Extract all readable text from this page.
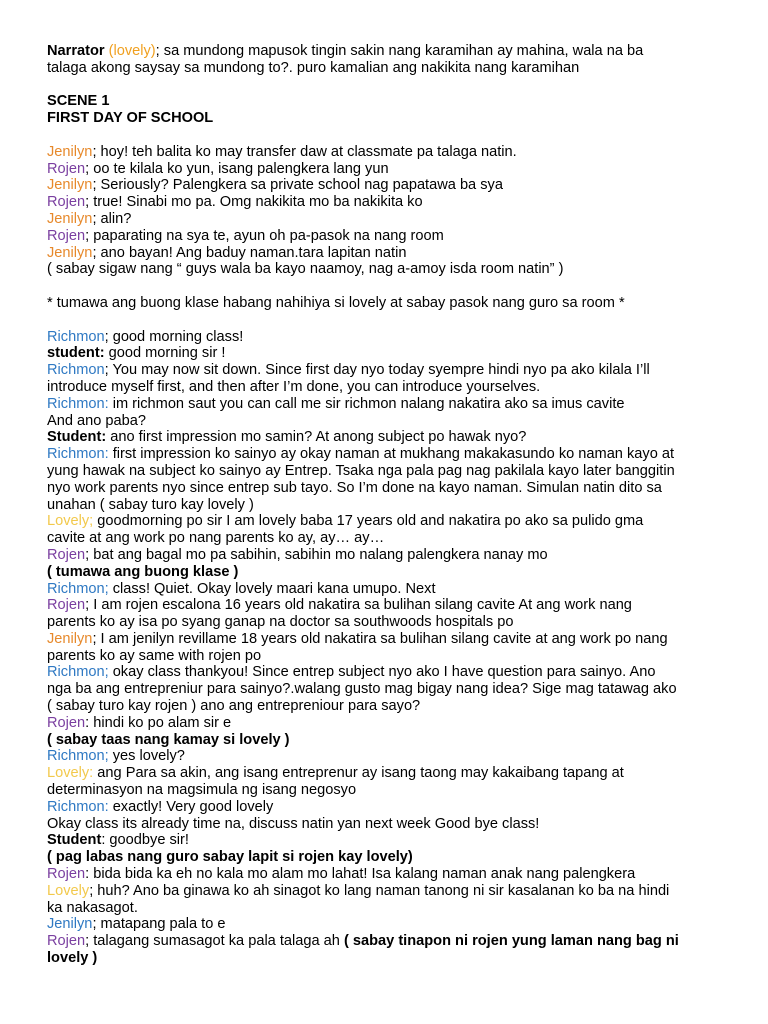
Narrator (lovely); sa mundong mapusok tingin sakin nang karamihan ay mahina, wala na ba
talaga akong saysay sa mundong to?. puro kamalian ang nakikita nang karamihan
SCENE 1
FIRST DAY OF SCHOOL
Jenilyn; hoy! teh balita ko may transfer daw at classmate pa talaga natin.
Rojen; oo te kilala ko yun, isang palengkera lang yun
Jenilyn; Seriously? Palengkera sa private school nag papatawa ba sya
Rojen; true! Sinabi mo pa. Omg nakikita mo ba nakikita ko
Jenilyn; alin?
Rojen; paparating na sya te, ayun oh pa-pasok na nang room
Jenilyn; ano bayan! Ang baduy naman.tara lapitan natin
( sabay sigaw nang “ guys wala ba kayo naamoy, nag a-amoy isda room natin” )
* tumawa ang buong klase habang nahihiya si lovely at sabay pasok nang guro sa room *
Richmon; good morning class!
student: good morning sir !
Richmon; You may now sit down. Since first day nyo today syempre hindi nyo pa ako kilala I’ll
introduce myself first, and then after I’m done, you can introduce yourselves.
Richmon: im richmon saut you can call me sir richmon nalang nakatira ako sa imus cavite
And ano paba?
Student: ano first impression mo samin? At anong subject po hawak nyo?
Richmon: first impression ko sainyo ay okay naman at mukhang makakasundo ko naman kayo at
yung hawak na subject ko sainyo ay Entrep. Tsaka nga pala pag nag pakilala kayo later banggitin
nyo work parents nyo since entrep sub tayo. So I’m done na kayo naman. Simulan natin dito sa
unahan ( sabay turo kay lovely )
Lovely; goodmorning po sir I am lovely baba 17 years old and nakatira po ako sa pulido gma
cavite at ang work po nang parents ko ay, ay… ay…
Rojen; bat ang bagal mo pa sabihin, sabihin mo nalang palengkera nanay mo
( tumawa ang buong klase )
Richmon; class! Quiet. Okay lovely maari kana umupo. Next
Rojen; I am rojen escalona 16 years old nakatira sa bulihan silang cavite At ang work nang
parents ko ay isa po syang ganap na doctor sa southwoods hospitals po
Jenilyn; I am jenilyn revillame 18 years old nakatira sa bulihan silang cavite at ang work po nang
parents ko ay same with rojen po
Richmon; okay class thankyou! Since entrep subject nyo ako I have question para sainyo. Ano
nga ba ang entrepreniur para sainyo?.walang gusto mag bigay nang idea? Sige mag tatawag ako
( sabay turo kay rojen ) ano ang entrepreniour para sayo?
Rojen: hindi ko po alam sir e
( sabay taas nang kamay si lovely )
Richmon; yes lovely?
Lovely: ang Para sa akin, ang isang entreprenur ay isang taong may kakaibang tapang at
determinasyon na magsimula ng isang negosyo
Richmon: exactly! Very good lovely
Okay class its already time na, discuss natin yan next week Good bye class!
Student: goodbye sir!
( pag labas nang guro sabay lapit si rojen kay lovely)
Rojen: bida bida ka eh no kala mo alam mo lahat! Isa kalang naman anak nang palengkera
Lovely; huh? Ano ba ginawa ko ah sinagot ko lang naman tanong ni sir kasalanan ko ba na hindi
ka nakasagot.
Jenilyn; matapang pala to e
Rojen; talagang sumasagot ka pala talaga ah ( sabay tinapon ni rojen yung laman nang bag ni
lovely )
